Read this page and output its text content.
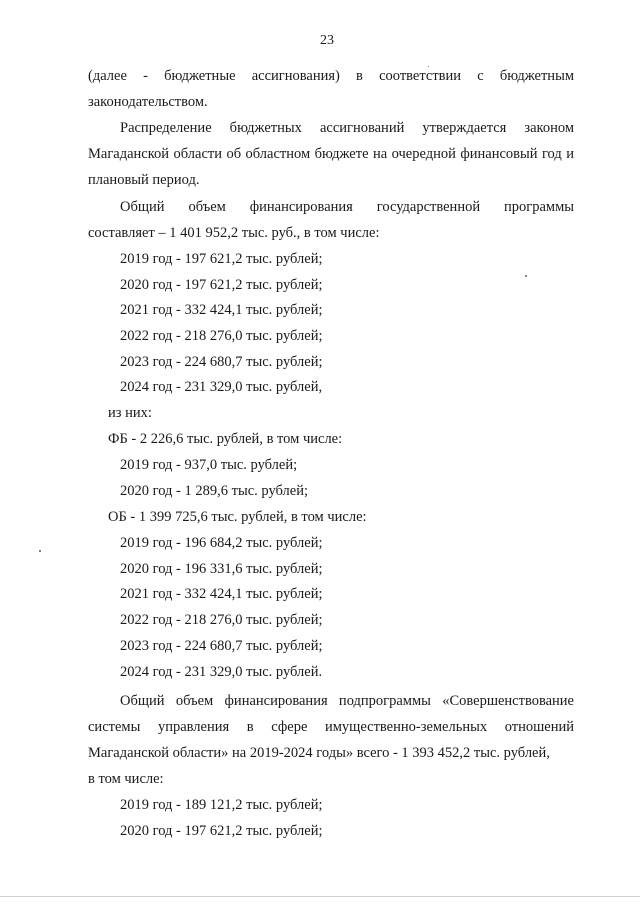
23

(далее - бюджетные ассигнования) в соответствии с бюджетным законодательством.

Распределение бюджетных ассигнований утверждается законом Магаданской области об областном бюджете на очередной финансовый год и плановый период.

Общий объем финансирования государственной программы

составляет – 1 401 952,2 тыс. руб., в том числе:

2019 год - 197 621,2 тыс. рублей;
2020 год - 197 621,2 тыс. рублей;
2021 год - 332 424,1 тыс. рублей;
2022 год - 218 276,0 тыс. рублей;
2023 год - 224 680,7 тыс. рублей;
2024 год - 231 329,0 тыс. рублей,
из них:
ФБ - 2 226,6 тыс. рублей, в том числе:
2019 год - 937,0 тыс. рублей;
2020 год - 1 289,6 тыс. рублей;
ОБ - 1 399 725,6 тыс. рублей, в том числе:
2019 год - 196 684,2 тыс. рублей;
2020 год - 196 331,6 тыс. рублей;
2021 год - 332 424,1 тыс. рублей;
2022 год - 218 276,0 тыс. рублей;
2023 год - 224 680,7 тыс. рублей;
2024 год - 231 329,0 тыс. рублей.

Общий объем финансирования подпрограммы «Совершенствование системы управления в сфере имущественно-земельных отношений Магаданской области» на 2019-2024 годы» всего - 1 393 452,2 тыс. рублей,

в том числе:

2019 год - 189 121,2 тыс. рублей;
2020 год - 197 621,2 тыс. рублей;
